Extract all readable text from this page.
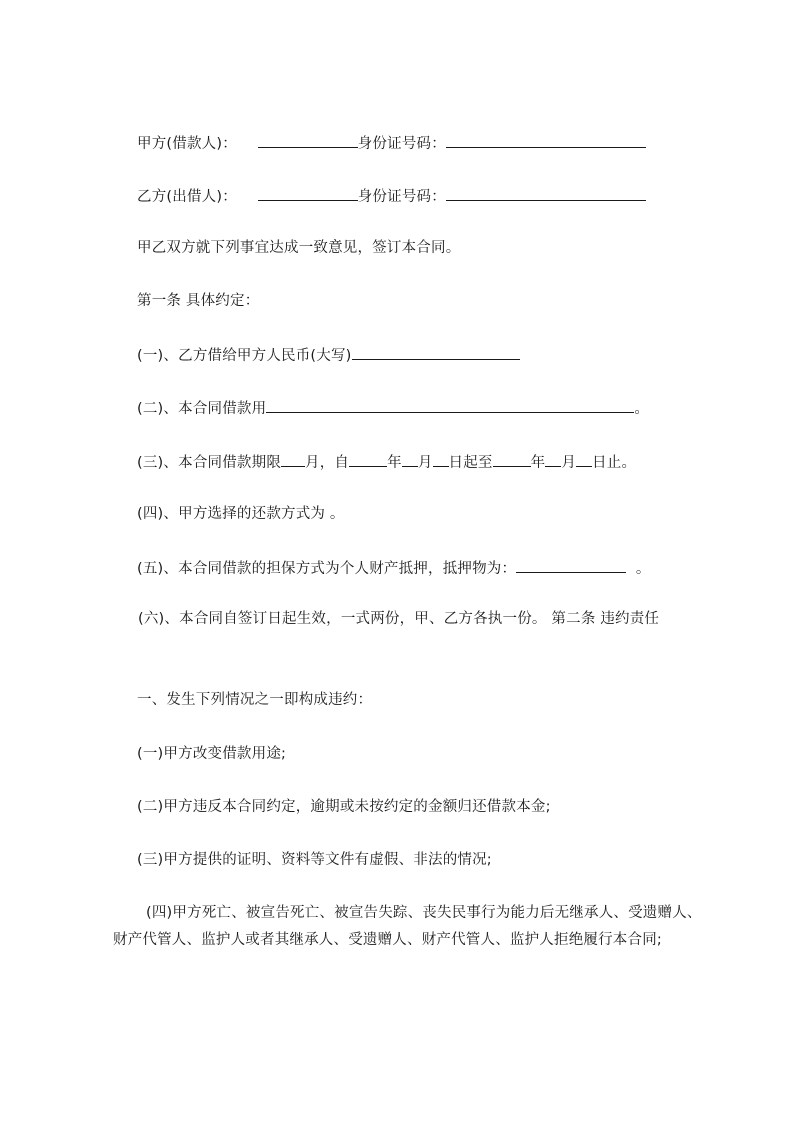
甲方(借款人)：	身份证号码：
乙方(出借人)：	身份证号码：
甲乙双方就下列事宜达成一致意见，签订本合同。
第一条 具体约定：
(一)、乙方借给甲方人民币(大写)
(二)、本合同借款用	。
(三)、本合同借款期限 月，自	年 月 日起至	年 月 日止。
(四)、甲方选择的还款方式为 。
(五)、本合同借款的担保方式为个人财产抵押，抵押物为：	。
(六)、本合同自签订日起生效，一式两份，甲、乙方各执一份。 第二条 违约责任
一、发生下列情况之一即构成违约：
(一)甲方改变借款用途;
(二)甲方违反本合同约定，逾期或未按约定的金额归还借款本金;
(三)甲方提供的证明、资料等文件有虚假、非法的情况;
(四)甲方死亡、被宣告死亡、被宣告失踪、丧失民事行为能力后无继承人、受遗赠人、财产代管人、监护人或者其继承人、受遗赠人、财产代管人、监护人拒绝履行本合同;
